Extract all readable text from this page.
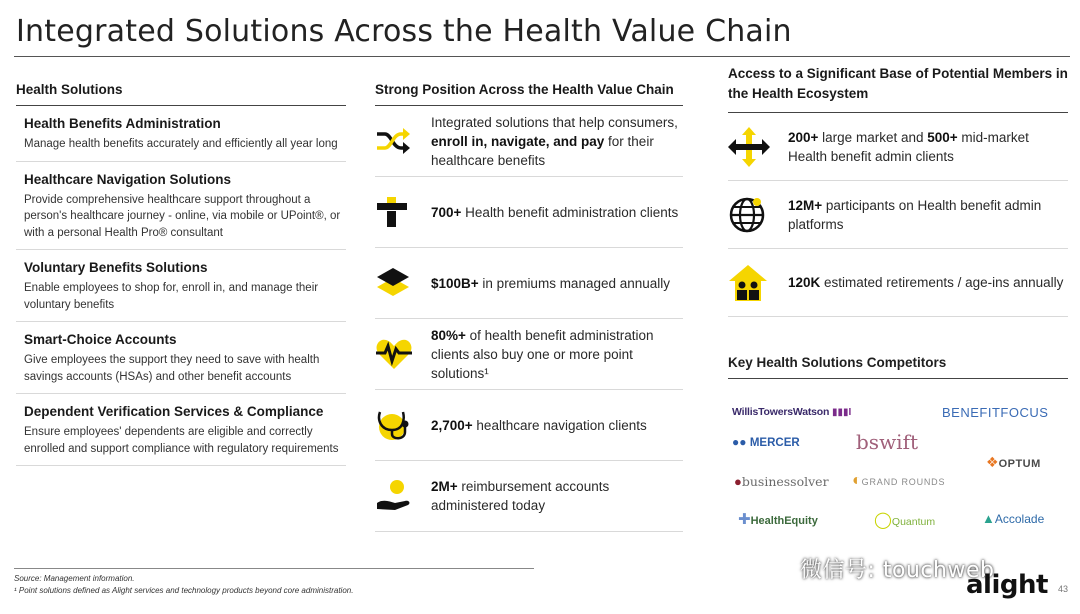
Integrated Solutions Across the Health Value Chain
Health Solutions
Health Benefits Administration
Manage health benefits accurately and efficiently all year long
Healthcare Navigation Solutions
Provide comprehensive healthcare support throughout a person's healthcare journey - online, via mobile or UPoint®, or with a personal Health Pro® consultant
Voluntary Benefits Solutions
Enable employees to shop for, enroll in, and manage their voluntary benefits
Smart-Choice Accounts
Give employees the support they need to save with health savings accounts (HSAs) and other benefit accounts
Dependent Verification Services & Compliance
Ensure employees' dependents are eligible and correctly enrolled and support compliance with regulatory requirements
Strong Position Across the Health Value Chain
Integrated solutions that help consumers, enroll in, navigate, and pay for their healthcare benefits
700+ Health benefit administration clients
$100B+ in premiums managed annually
80%+ of health benefit administration clients also buy one or more point solutions¹
2,700+ healthcare navigation clients
2M+ reimbursement accounts administered today
Access to a Significant Base of Potential Members in the Health Ecosystem
200+ large market and 500+ mid-market Health benefit admin clients
12M+ participants on Health benefit admin platforms
120K estimated retirements / age-ins annually
Key Health Solutions Competitors
WillisTowersWatson ▮▮▮I	BENEFITFOCUS
●● MERCER	bswift
❖OPTUM
●businessolver ◐GRAND ROUNDS
✚HealthEquity	◯Quantum	▲Accolade
Source: Management information.
¹ Point solutions defined as Alight services and technology products beyond core administration.
微信号: touchweb
alight 43
